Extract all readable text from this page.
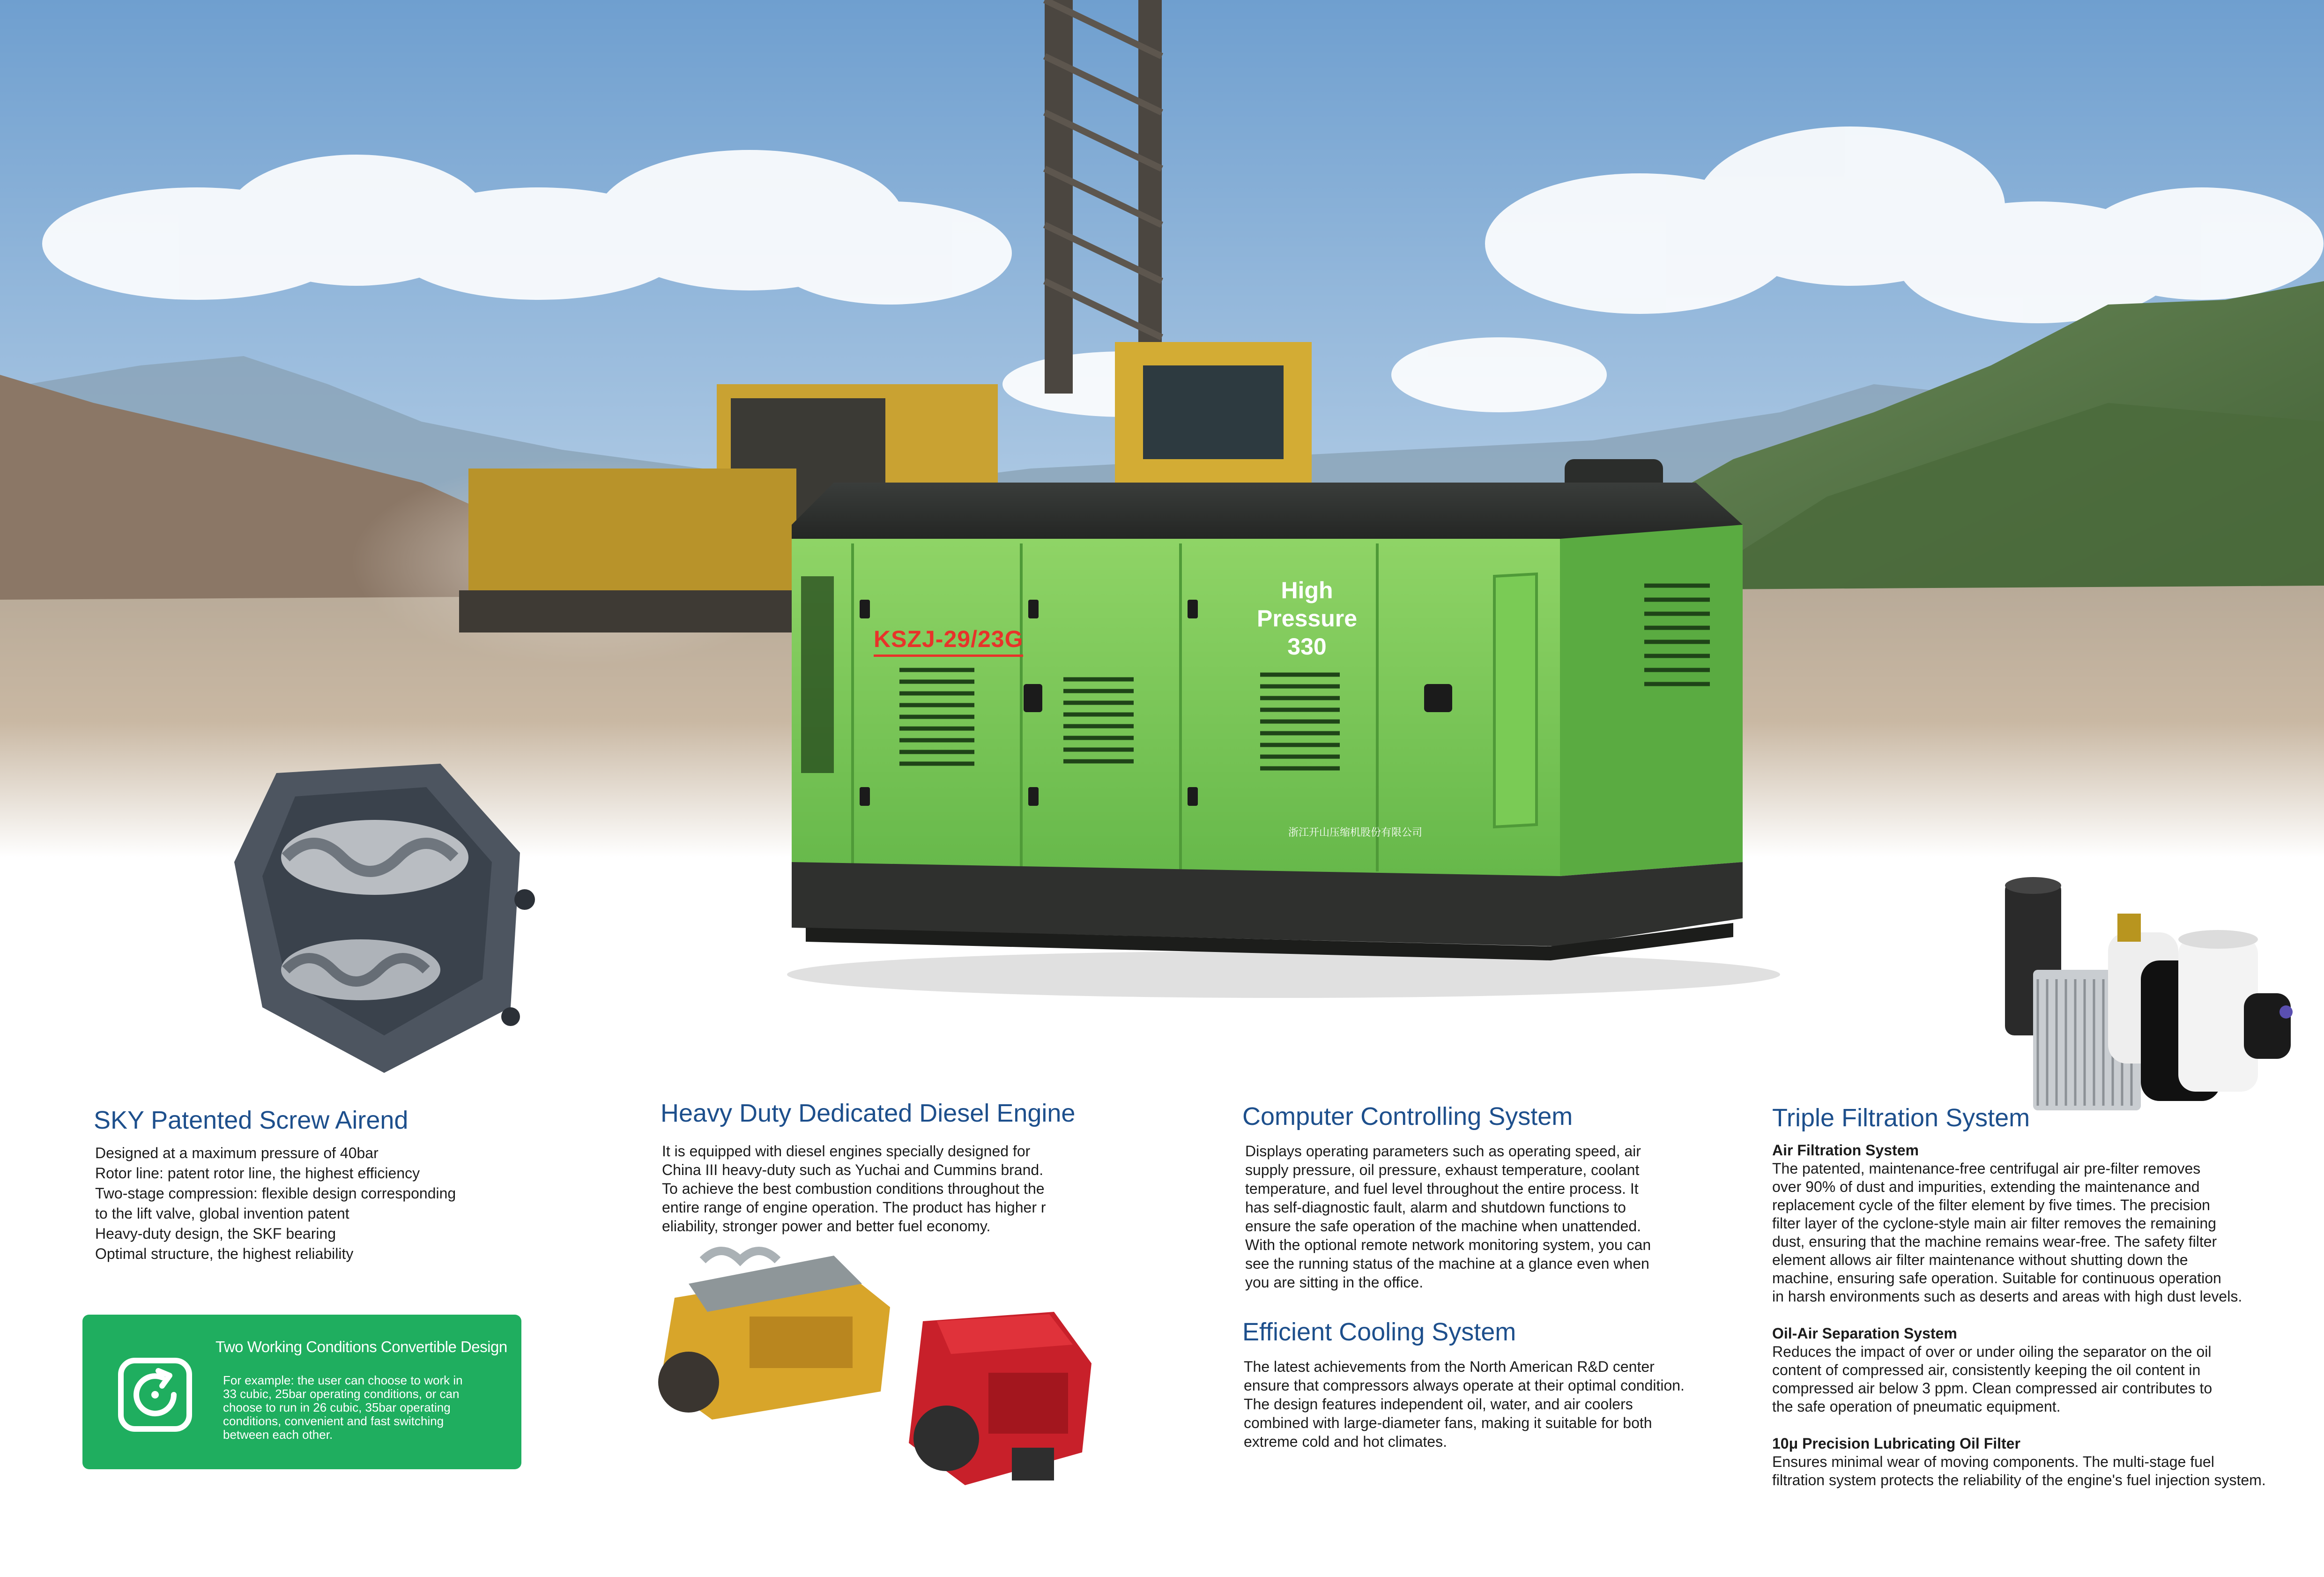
KSZJ-29/23G
High
Pressure
330
浙江开山压缩机股份有限公司
SKY Patented Screw Airend

Designed at a maximum pressure of 40bar

Rotor line: patent rotor line, the highest efficiency

Two-stage compression: flexible design corresponding

to the lift valve, global invention patent

Heavy-duty design, the SKF bearing

Optimal structure, the highest reliability

Two Working Conditions Convertible Design
For example: the user can choose to work in
33 cubic, 25bar operating conditions, or can
choose to run in 26 cubic, 35bar operating
conditions, convenient and fast switching
between each other.
Heavy Duty Dedicated Diesel Engine

It is equipped with diesel engines specially designed for

China III heavy-duty such as Yuchai and Cummins brand.

To achieve the best combustion conditions throughout the

entire range of engine operation. The product has higher r

eliability, stronger power and better fuel economy.

Computer Controlling System

Displays operating parameters such as operating speed, air

supply pressure, oil pressure, exhaust temperature, coolant

temperature, and fuel level throughout the entire process. It

has self-diagnostic fault, alarm and shutdown functions to

ensure the safe operation of the machine when unattended.

With the optional remote network monitoring system, you can

see the running status of the machine at a glance even when

you are sitting in the office.

Efficient Cooling System

The latest achievements from the North American R&D center

ensure that compressors always operate at their optimal condition.

The design features independent oil, water, and air coolers

combined with large-diameter fans, making it suitable for both

extreme cold and hot climates.

Triple Filtration System

Air Filtration System

The patented, maintenance-free centrifugal air pre-filter removes

over 90% of dust and impurities, extending the maintenance and

replacement cycle of the filter element by five times. The precision

filter layer of the cyclone-style main air filter removes the remaining

dust, ensuring that the machine remains wear-free. The safety filter

element allows air filter maintenance without shutting down the

machine, ensuring safe operation. Suitable for continuous operation

in harsh environments such as deserts and areas with high dust levels.

Oil-Air Separation System

Reduces the impact of over or under oiling the separator on the oil

content of compressed air, consistently keeping the oil content in

compressed air below 3 ppm. Clean compressed air contributes to

the safe operation of pneumatic equipment.

10μ Precision Lubricating Oil Filter

Ensures minimal wear of moving components. The multi-stage fuel

filtration system protects the reliability of the engine's fuel injection system.
